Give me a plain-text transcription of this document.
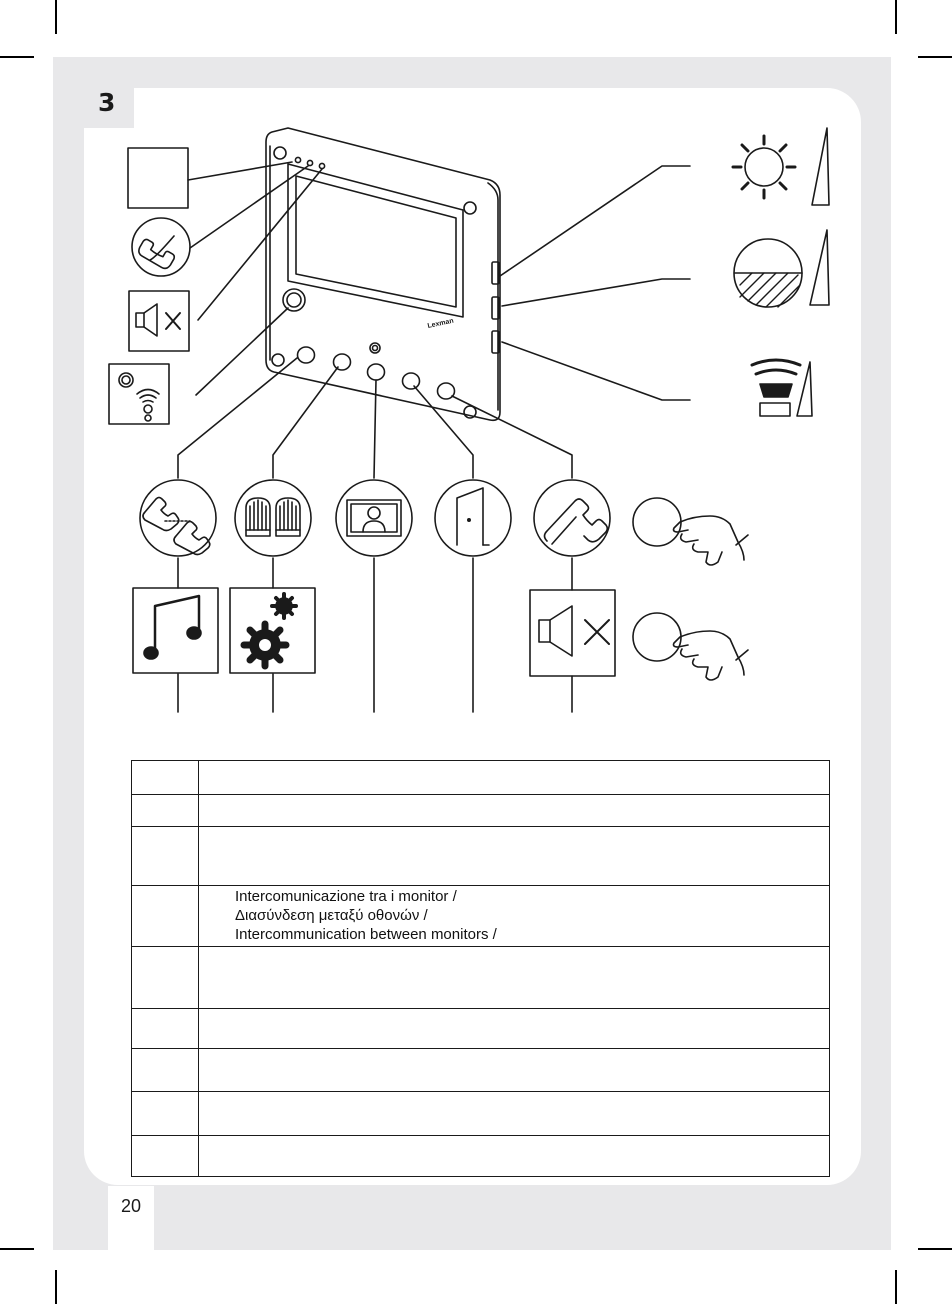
3
20
Lexman

	Intercomunicazione tra i monitor /
Διασύνδεση μεταξύ οθονών /
Intercommunication between monitors /
